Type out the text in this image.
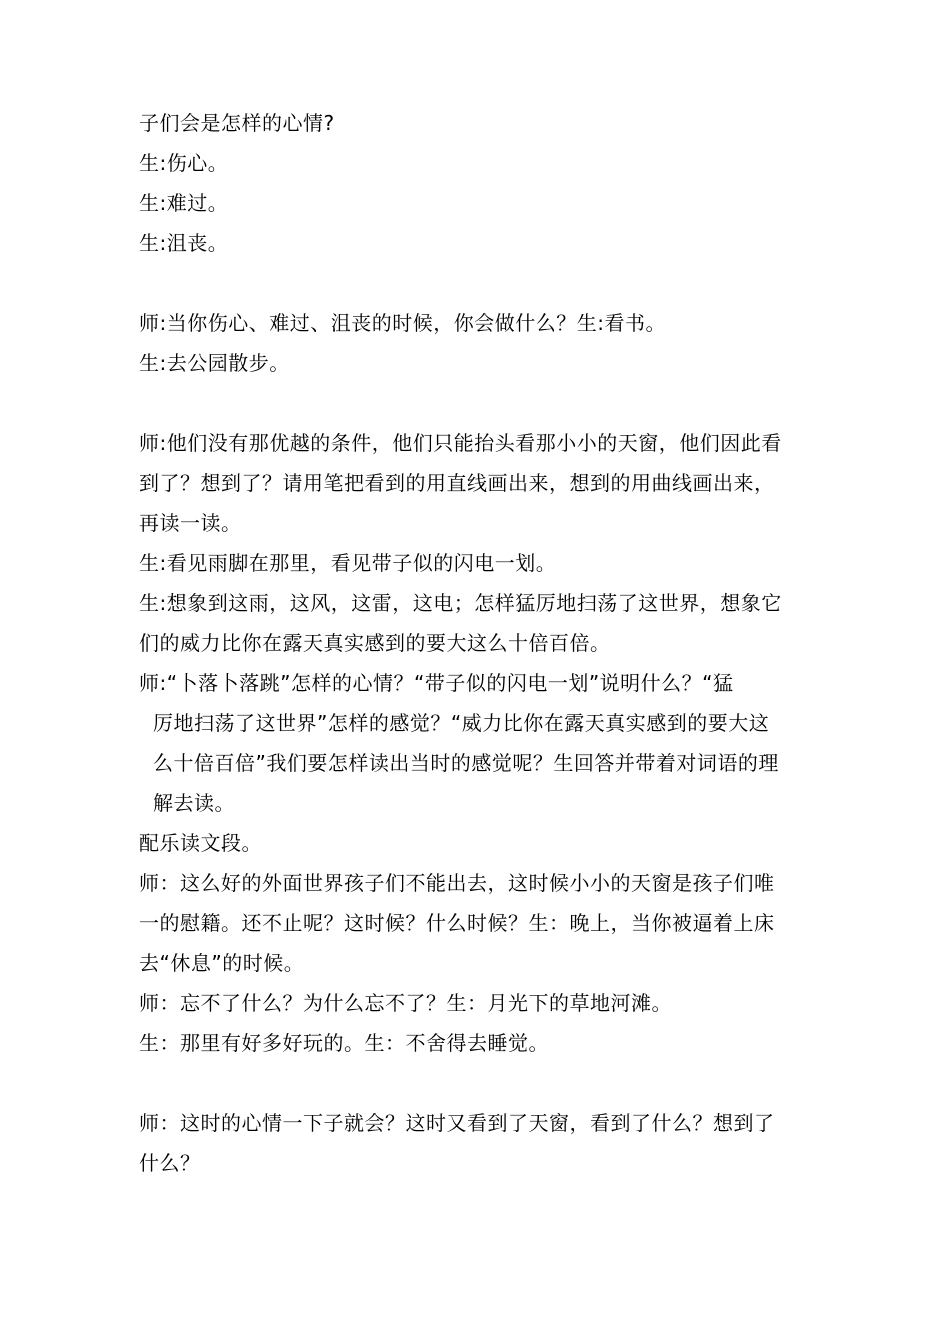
子们会是怎样的心情?
生:伤心。
生:难过。
生:沮丧。
师:当你伤心、难过、沮丧的时候，你会做什么？生:看书。
生:去公园散步。
师:他们没有那优越的条件，他们只能抬头看那小小的天窗，他们因此看
到了？想到了？请用笔把看到的用直线画出来，想到的用曲线画出来，
再读一读。
生:看见雨脚在那里，看见带子似的闪电一划。
生:想象到这雨，这风，这雷，这电；怎样猛厉地扫荡了这世界，想象它
们的威力比你在露天真实感到的要大这么十倍百倍。
师:“卜落卜落跳”怎样的心情？“带子似的闪电一划”说明什么？“猛
厉地扫荡了这世界”怎样的感觉？“威力比你在露天真实感到的要大这
么十倍百倍”我们要怎样读出当时的感觉呢？生回答并带着对词语的理
解去读。
配乐读文段。
师：这么好的外面世界孩子们不能出去，这时候小小的天窗是孩子们唯
一的慰籍。还不止呢？这时候？什么时候？生：晚上，当你被逼着上床
去“休息”的时候。
师：忘不了什么？为什么忘不了？生：月光下的草地河滩。
生：那里有好多好玩的。生：不舍得去睡觉。
师：这时的心情一下子就会？这时又看到了天窗，看到了什么？想到了
什么？
